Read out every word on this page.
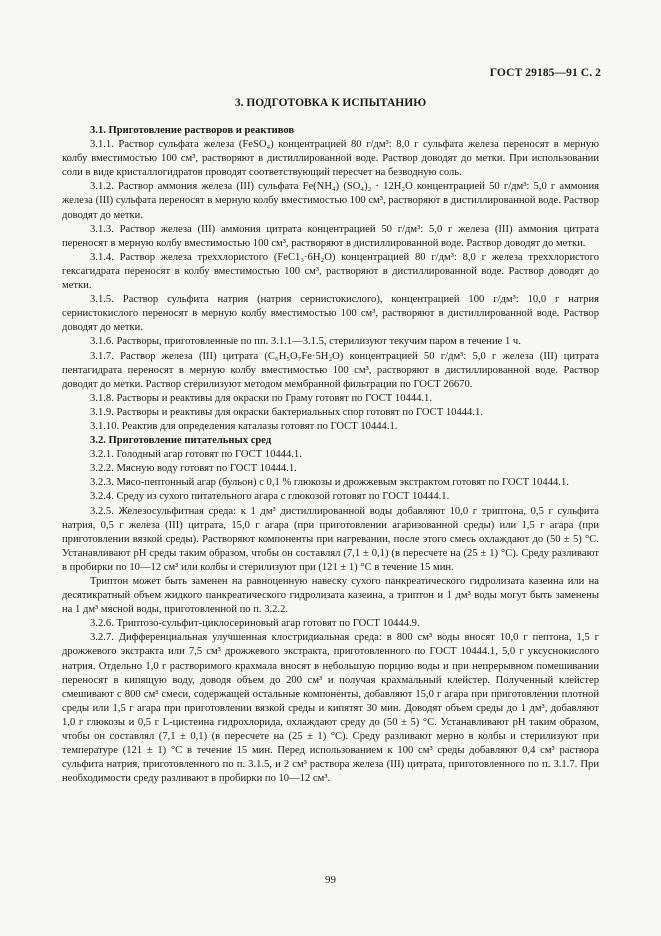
ГОСТ 29185—91 С. 2
3. ПОДГОТОВКА К ИСПЫТАНИЮ

3.1. Приготовление растворов и реактивов

3.1.1. Раствор сульфата железа (FeSO₄) концентрацией 80 г/дм³: 8,0 г сульфата железа переносят в мерную колбу вместимостью 100 см³, растворяют в дистиллированной воде. Раствор доводят до метки. При использовании соли в виде кристаллогидратов проводят соответствующий пересчет на безводную соль.

3.1.2. Раствор аммония железа (III) сульфата Fe(NH₄) (SO₄)₂ · 12H₂O концентрацией 50 г/дм³: 5,0 г аммония железа (III) сульфата переносят в мерную колбу вместимостью 100 см³, растворяют в дистиллированной воде. Раствор доводят до метки.

3.1.3. Раствор железа (III) аммония цитрата концентрацией 50 г/дм³: 5,0 г железа (III) аммония цитрата переносят в мерную колбу вместимостью 100 см³, растворяют в дистиллированной воде. Раствор доводят до метки.

3.1.4. Раствор железа треххлористого (FeC1₃·6H₂O) концентрацией 80 г/дм³: 8,0 г железа треххлористого гексагидрата переносят в колбу вместимостью 100 см³, растворяют в дистиллированной воде. Раствор доводят до метки.

3.1.5. Раствор сульфита натрия (натрия сернистокислого), концентрацией 100 г/дм³: 10,0 г натрия сернистокислого переносят в мерную колбу вместимостью 100 см³, растворяют в дистиллированной воде. Раствор доводят до метки.

3.1.6. Растворы, приготовленные по пп. 3.1.1—3.1.5, стерилизуют текучим паром в течение 1 ч.

3.1.7. Раствор железа (III) цитрата (C₆H₅O₇Fe·5H₂O) концентрацией 50 г/дм³: 5,0 г железа (III) цитрата пентагидрата переносят в мерную колбу вместимостью 100 см³, растворяют в дистиллированной воде. Раствор доводят до метки. Раствор стерилизуют методом мембранной фильтрации по ГОСТ 26670.

3.1.8. Растворы и реактивы для окраски по Граму готовят по ГОСТ 10444.1.

3.1.9. Растворы и реактивы для окраски бактериальных спор готовят по ГОСТ 10444.1.

3.1.10. Реактив для определения каталазы готовят по ГОСТ 10444.1.

3.2. Приготовление питательных сред

3.2.1. Голодный агар готовят по ГОСТ 10444.1.

3.2.2. Мясную воду готовят по ГОСТ 10444.1.

3.2.3. Мясо-пептонный агар (бульон) с 0,1 % глюкозы и дрожжевым экстрактом готовят по ГОСТ 10444.1.

3.2.4. Среду из сухого питательного агара с глюкозой готовят по ГОСТ 10444.1.

3.2.5. Железосульфитная среда: к 1 дм³ дистиллированной воды добавляют 10,0 г триптона, 0,5 г сульфита натрия, 0,5 г железа (III) цитрата, 15,0 г агара (при приготовлении агаризованной среды) или 1,5 г агара (при приготовлении вязкой среды). Растворяют компоненты при нагревании, после этого смесь охлаждают до (50 ± 5) °С. Устанавливают рН среды таким образом, чтобы он составлял (7,1 ± 0,1) (в пересчете на (25 ± 1) °С). Среду разливают в пробирки по 10—12 см³ или колбы и стерилизуют при (121 ± 1) °С в течение 15 мин.

Триптон может быть заменен на равноценную навеску сухого панкреатического гидролизата казеина или на десятикратный объем жидкого панкреатического гидролизата казеина, а триптон и 1 дм³ воды могут быть заменены на 1 дм³ мясной воды, приготовленной по п. 3.2.2.

3.2.6. Триптозо-сульфит-циклосериновый агар готовят по ГОСТ 10444.9.

3.2.7. Дифференциальная улучшенная клостридиальная среда: в 800 см³ воды вносят 10,0 г пептона, 1,5 г дрожжевого экстракта или 7,5 см³ дрожжевого экстракта, приготовленного по ГОСТ 10444.1, 5,0 г уксуснокислого натрия. Отдельно 1,0 г растворимого крахмала вносят в небольшую порцию воды и при непрерывном помешивании переносят в кипящую воду, доводя объем до 200 см³ и получая крахмальный клейстер. Полученный клейстер смешивают с 800 см³ смеси, содержащей остальные компоненты, добавляют 15,0 г агара при приготовлении плотной среды или 1,5 г агара при приготовлении вязкой среды и кипятят 30 мин. Доводят объем среды до 1 дм³, добавляют 1,0 г глюкозы и 0,5 г L-цистеина гидрохлорида, охлаждают среду до (50 ± 5) °С. Устанавливают рН таким образом, чтобы он составлял (7,1 ± 0,1) (в пересчете на (25 ± 1) °С). Среду разливают мерно в колбы и стерилизуют при температуре (121 ± 1) °С в течение 15 мин. Перед использованием к 100 см³ среды добавляют 0,4 см³ раствора сульфита натрия, приготовленного по п. 3.1.5, и 2 см³ раствора железа (III) цитрата, приготовленного по п. 3.1.7. При необходимости среду разливают в пробирки по 10—12 см³.

99
